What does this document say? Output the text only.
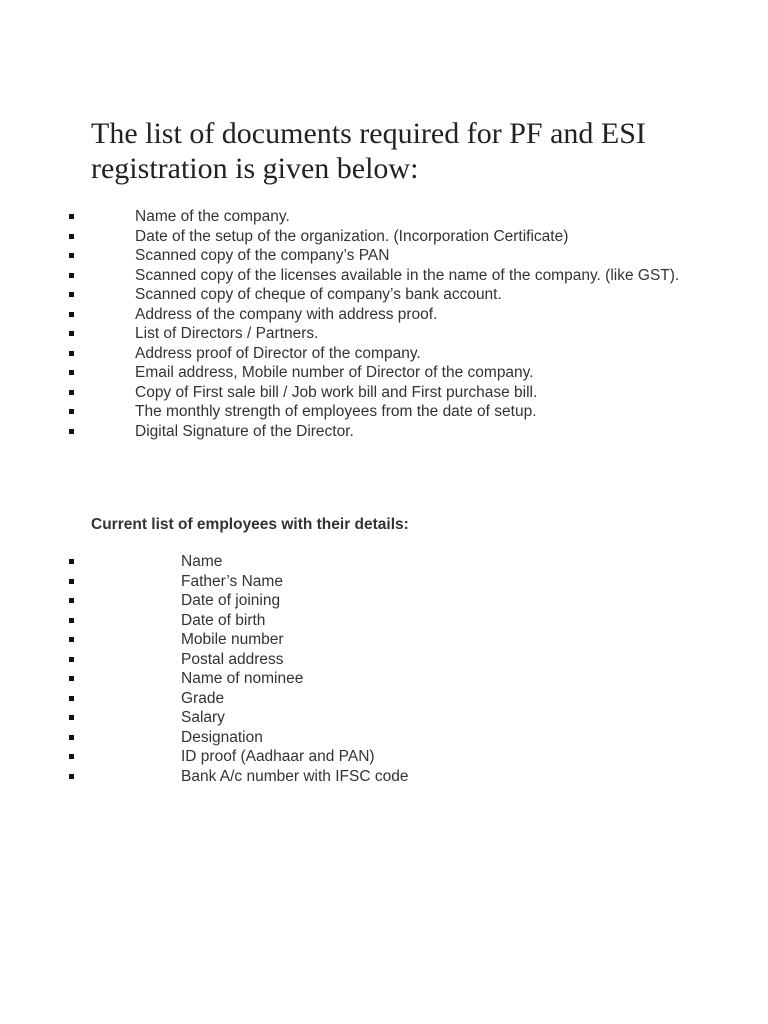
The list of documents required for PF and ESI registration is given below:
Name of the company.
Date of the setup of the organization. (Incorporation Certificate)
Scanned copy of the company’s PAN
Scanned copy of the licenses available in the name of the company. (like GST).
Scanned copy of cheque of company’s bank account.
Address of the company with address proof.
List of Directors / Partners.
Address proof of Director of the company.
Email address, Mobile number of Director of the company.
Copy of First sale bill / Job work bill and First purchase bill.
The monthly strength of employees from the date of setup.
Digital Signature of the Director.

Current list of employees with their details:

Name
Father’s Name
Date of joining
Date of birth
Mobile number
Postal address
Name of nominee
Grade
Salary
Designation
ID proof (Aadhaar and PAN)
Bank A/c number with IFSC code
